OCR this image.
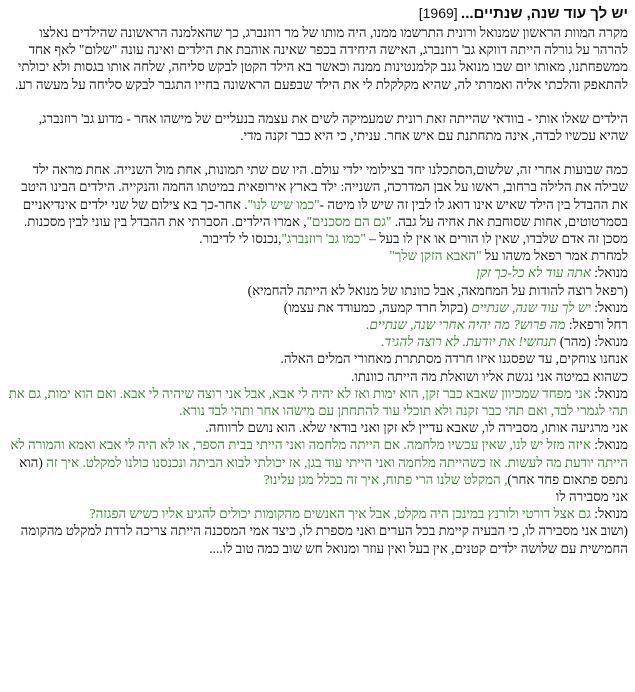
יש לך עוד שנה, שנתיים... [1969]

מקרה המוות הראשון שמנואל ורונית התרשמו ממנו, היה מותו של מר רוזנברג, כך שהאלמנה הראשונה שהילדים נאלצו להרהר על גורלה הייתה דווקא גב' רוזנברג, האישה היחידה בכפר שאינה אוהבת את הילדים ואינה עונה "שלום" לאף אחד ממשפחתנו, מאותו יום שבו מנואל גנב קלמנטינות ממנה וכאשר בא הילד הקטן לבקש סליחה, שלחה אותו בגסות ולא יכולתי להתאפק והלכתי אליה ואמרתי לה, שהיא מקלקלת לי את הילד שבפעם הראשונה בחייו התגבר לבקש סליחה על מעשה רע.

הילדים שאלו אותי - בוודאי שהייתה זאת רונית שמעמיקה לשים את עצמה בנעליים של מישהו אחר - מדוע גב' רוזנברג, שהיא עכשיו לבדה, אינה מתחתנת עם איש אחר. עניתי, כי היא כבר זקנה מדי.

כמה שבועות אחרי זה, שלשום,הסתכלנו יחד בצילומי ילדי עולם. היו שם שתי תמונות, אחת מול השנייה. אחת מראה ילד שבילה את הלילה ברחוב, ראשו על אבן המדרכה, השנייה: ילד בארץ אירופאית במיטתו החמה והנקייה. הילדים הבינו היטב את ההבדל בין הילד שאיש אינו דואג לו לבין זה שיש לו מיטה -"כמו שיש לנו". אחר-כך בא צילום של שני ילדים אינדיאניים בסמרטוטים, אחות שסוחבת את אחיה על גבה. "גם הם מסכנים", אמרו הילדים. הסברתי את ההבדל בין עוני לבין מסכנות. מסכן זה אדם שלבדו, שאין לו הורים או אין לו בעל – "כמו גב' רוזנברג",נכנסו לי לדיבור.

למחרת אמר רפאל משהו על "האבא הזקן שלך"

מנואל: אתה עוד לא כל-כך זקן

(רפאל רוצה להודות על המחמאה, אבל כוונתו של מנואל לא הייתה להחמיא)

מנואל: יש לך עוד שנה, שנתיים (בקול חרד קמעה, כמעודד את עצמו)

רחל ורפאל: מה פרוש? מה יהיה אחרי שנה, שנתיים.

מנואל: (מהר) תנחשי! את יודעת. לא רוצה להגיד.

אנחנו צוחקים, עד שפסגנו איזו חרדה מסתתרת מאחורי המלים האלה.

כשהוא במיטה אני נגשת אליו ושואלת מה הייתה כוונתו.

מנואל: אני מפחד שמכיוון שאבא כבר זקן, הוא ימות ואז לא יהיה לי אבא, אבל אני רוצה שיהיה לי אבא. ואם הוא ימות, גם את תהי לגמרי לבד, ואם תהי כבר זקנה ולא תוכלי עוד להתחתן עם מישהו אחר ותהי לבד נורא.

אני מרגיעה אותו, מסבירה לו, שאבא עדיין לא זקן ואני בודאי שלא. הוא נושם לרווחה.

מנואל: איזה מזל יש לנו, שאין עכשיו מלחמה. אם הייתה מלחמה ואני הייתי בבית הספר, או לא היה לי אבא ואמא והמורה לא הייתה יודעת מה לעשות. אז כשהייתה מלחמה ואני הייתי עוד בגן, אז יכולתי לבוא הביתה ונכנסנו כולנו למקלט. איך זה (הוא נתפס פתאום פחד אחר), המקלט שלנו הרי פתוח, איך זה בכלל מגן עלינו?

אני מסבירה לו

מנואל: גם אצל דורטי ולורנץ במינכן היה מקלט, אבל איך האנשים מהקומות יכולים להגיע אליו כשיש הפגזה?

(ושוב אני מסבירה לו, כי הבעיה קיימת בכל הערים ואני מספרת לו, כיצד אמי המסכנה הייתה צריכה לרדת למקלט מהקומה החמישית עם שלושה ילדים קטנים, אין בעל ואין עוזר ומנואל חש שוב כמה טוב לו....
